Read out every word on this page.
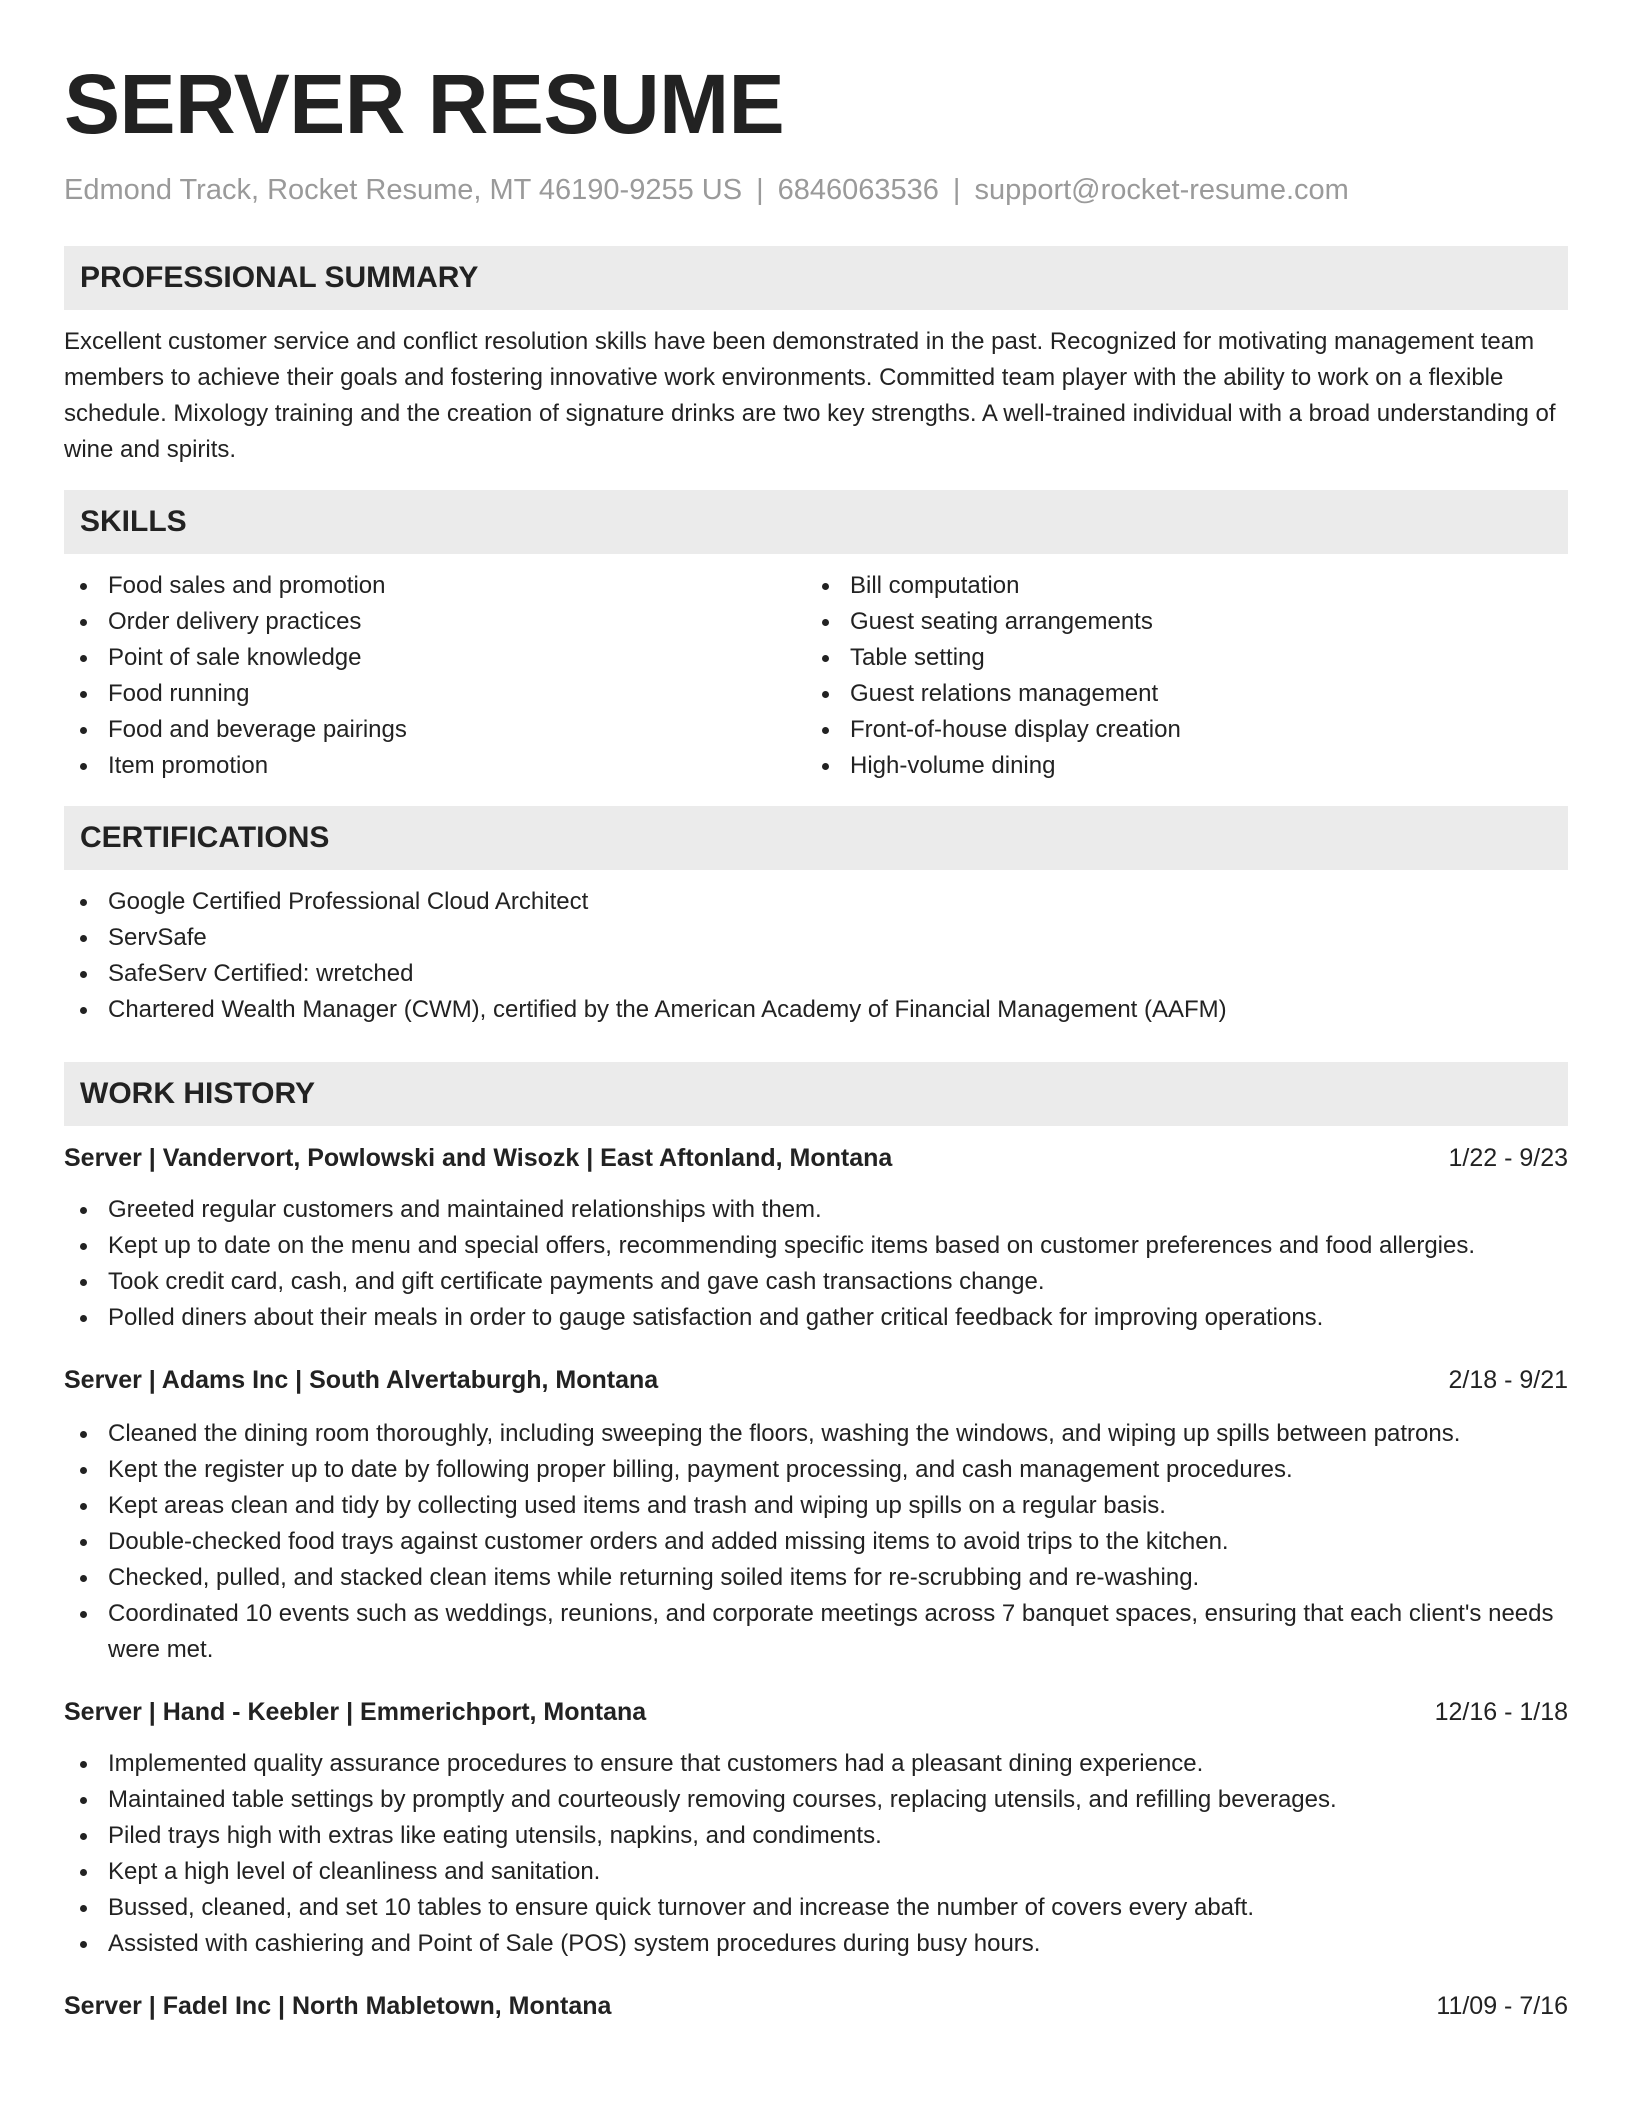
SERVER RESUME
Edmond Track, Rocket Resume, MT 46190-9255 US | 6846063536 | support@rocket-resume.com
PROFESSIONAL SUMMARY

Excellent customer service and conflict resolution skills have been demonstrated in the past. Recognized for motivating management team members to achieve their goals and fostering innovative work environments. Committed team player with the ability to work on a flexible schedule. Mixology training and the creation of signature drinks are two key strengths. A well-trained individual with a broad understanding of wine and spirits.

SKILLS
Food sales and promotion
Order delivery practices
Point of sale knowledge
Food running
Food and beverage pairings
Item promotion
Bill computation
Guest seating arrangements
Table setting
Guest relations management
Front-of-house display creation
High-volume dining
CERTIFICATIONS
Google Certified Professional Cloud Architect
ServSafe
SafeServ Certified: wretched
Chartered Wealth Manager (CWM), certified by the American Academy of Financial Management (AAFM)
WORK HISTORY
Server | Vandervort, Powlowski and Wisozk | East Aftonland, Montana	1/22 - 9/23
Greeted regular customers and maintained relationships with them.
Kept up to date on the menu and special offers, recommending specific items based on customer preferences and food allergies.
Took credit card, cash, and gift certificate payments and gave cash transactions change.
Polled diners about their meals in order to gauge satisfaction and gather critical feedback for improving operations.
Server | Adams Inc | South Alvertaburgh, Montana	2/18 - 9/21
Cleaned the dining room thoroughly, including sweeping the floors, washing the windows, and wiping up spills between patrons.
Kept the register up to date by following proper billing, payment processing, and cash management procedures.
Kept areas clean and tidy by collecting used items and trash and wiping up spills on a regular basis.
Double-checked food trays against customer orders and added missing items to avoid trips to the kitchen.
Checked, pulled, and stacked clean items while returning soiled items for re-scrubbing and re-washing.
Coordinated 10 events such as weddings, reunions, and corporate meetings across 7 banquet spaces, ensuring that each client's needs were met.
Server | Hand - Keebler | Emmerichport, Montana	12/16 - 1/18
Implemented quality assurance procedures to ensure that customers had a pleasant dining experience.
Maintained table settings by promptly and courteously removing courses, replacing utensils, and refilling beverages.
Piled trays high with extras like eating utensils, napkins, and condiments.
Kept a high level of cleanliness and sanitation.
Bussed, cleaned, and set 10 tables to ensure quick turnover and increase the number of covers every abaft.
Assisted with cashiering and Point of Sale (POS) system procedures during busy hours.
Server | Fadel Inc | North Mabletown, Montana	11/09 - 7/16
